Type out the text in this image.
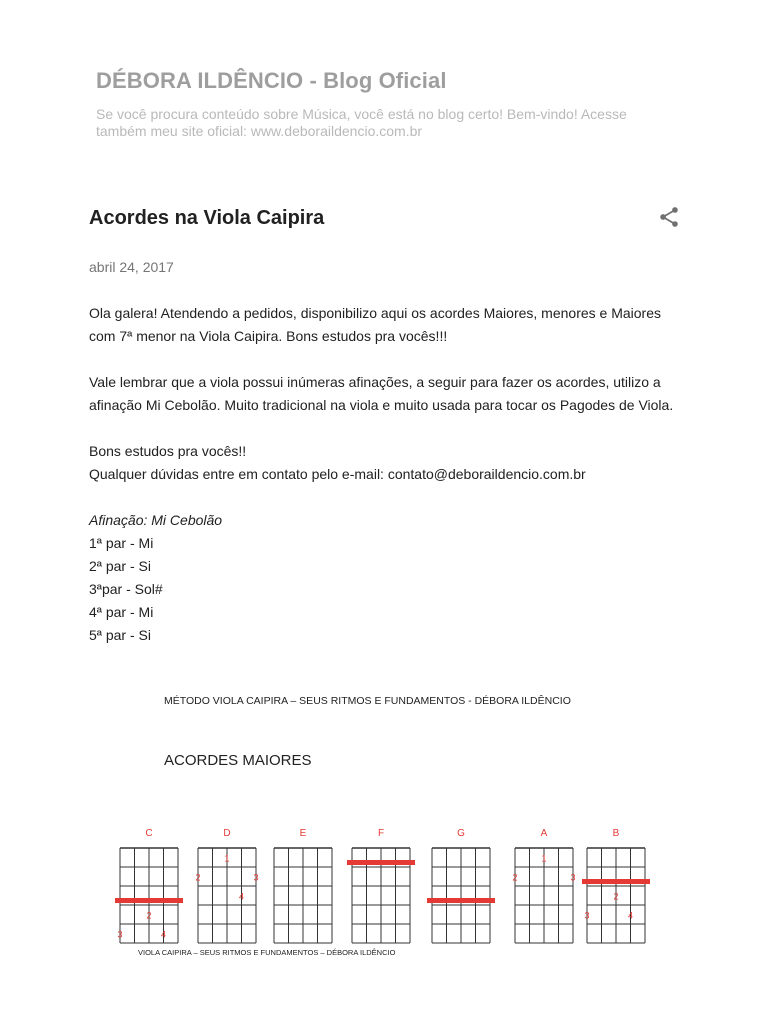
DÉBORA ILDÊNCIO - Blog Oficial
Se você procura conteúdo sobre Música, você está no blog certo! Bem-vindo! Acesse também meu site oficial: www.deboraildencio.com.br
Acordes na Viola Caipira
abril 24, 2017

Ola galera! Atendendo a pedidos, disponibilizo aqui os acordes Maiores, menores e Maiores com 7ª menor na Viola Caipira. Bons estudos pra vocês!!!

Vale lembrar que a viola possui inúmeras afinações, a seguir para fazer os acordes, utilizo a afinação Mi Cebolão. Muito tradicional na viola e muito usada para tocar os Pagodes de Viola.

Bons estudos pra vocês!!

Qualquer dúvidas entre em contato pelo e-mail: contato@deboraildencio.com.br

Afinação: Mi Cebolão

1ª par - Mi

2ª par - Si

3ªpar - Sol#

4ª par - Mi

5ª par - Si

MÉTODO VIOLA CAIPIRA – SEUS RITMOS E FUNDAMENTOS - DÉBORA ILDÊNCIO
ACORDES MAIORES
C
2
3	4
D
1
2	3
4
E	F	G	A
1
2	3
B
2
3	4
VIOLA CAIPIRA – SEUS RITMOS E FUNDAMENTOS – DÉBORA ILDÊNCIO
